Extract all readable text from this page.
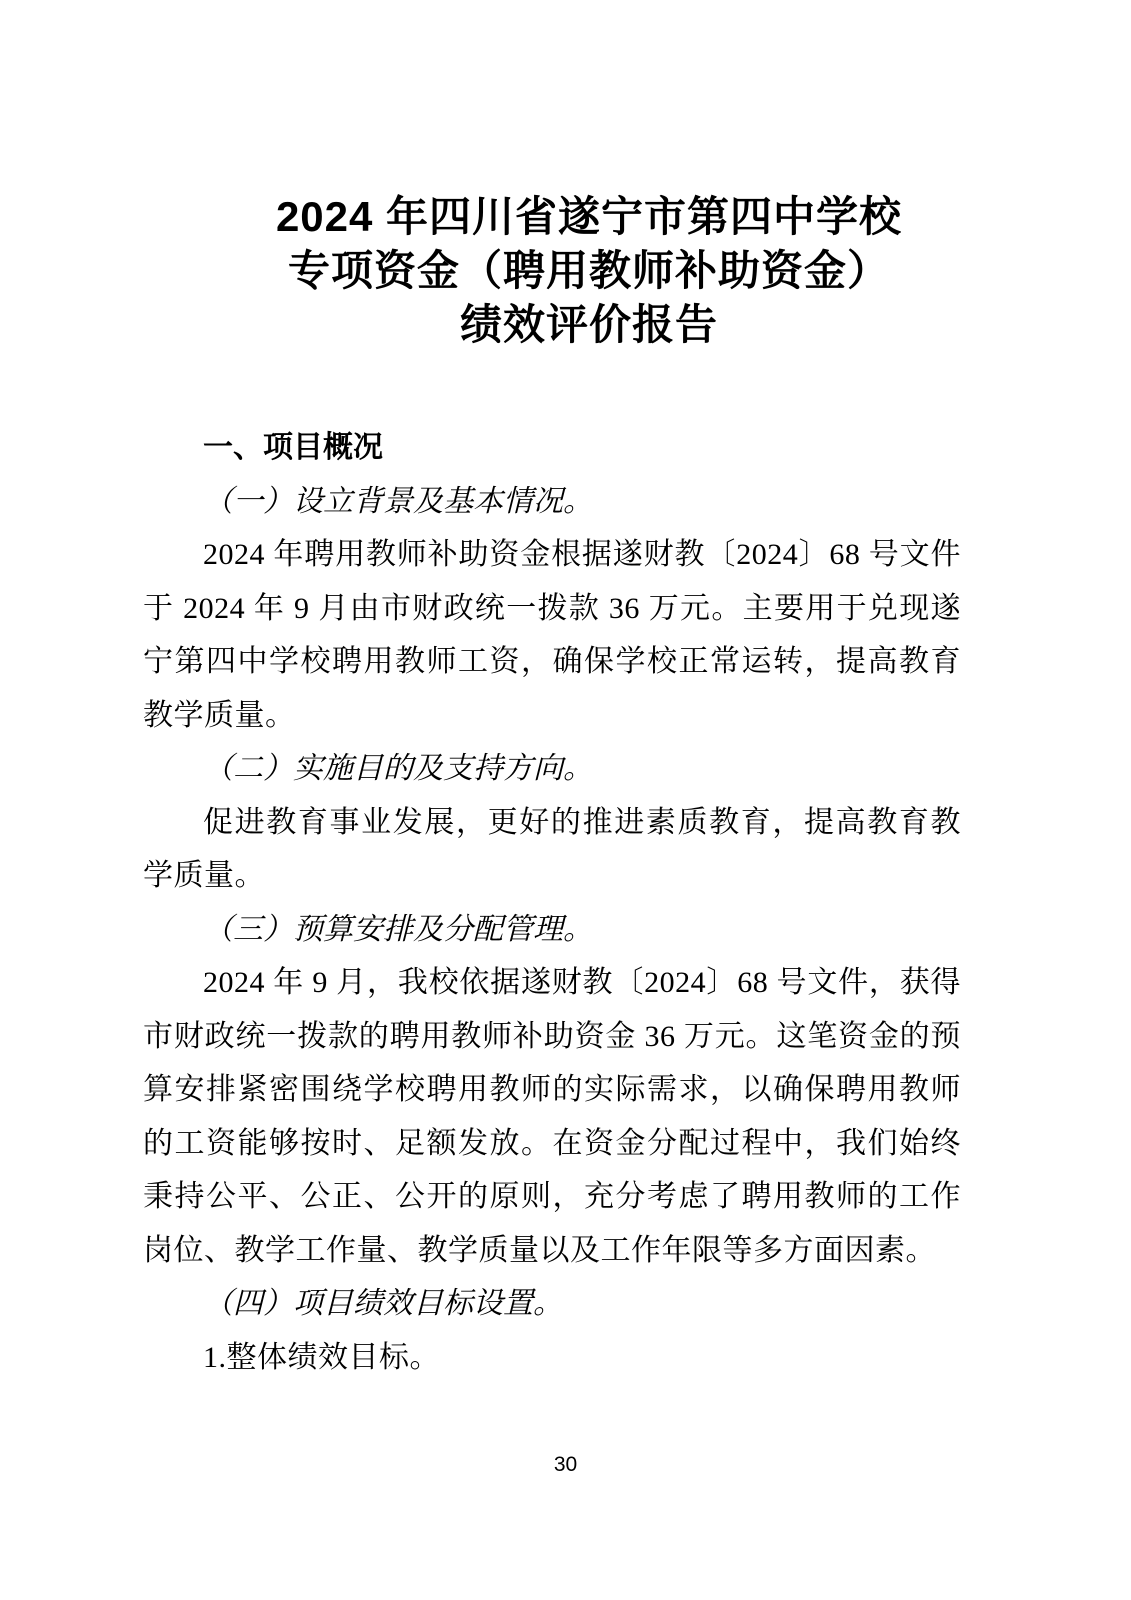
2024 年四川省遂宁市第四中学校
专项资金（聘用教师补助资金）
绩效评价报告
一、项目概况

（一）设立背景及基本情况。

2024 年聘用教师补助资金根据遂财教〔2024〕68 号文件于 2024 年 9 月由市财政统一拨款 36 万元。主要用于兑现遂宁第四中学校聘用教师工资，确保学校正常运转，提高教育教学质量。

（二）实施目的及支持方向。

促进教育事业发展，更好的推进素质教育，提高教育教学质量。

（三）预算安排及分配管理。

2024 年 9 月，我校依据遂财教〔2024〕68 号文件，获得市财政统一拨款的聘用教师补助资金 36 万元。这笔资金的预算安排紧密围绕学校聘用教师的实际需求，以确保聘用教师的工资能够按时、足额发放。在资金分配过程中，我们始终秉持公平、公正、公开的原则，充分考虑了聘用教师的工作岗位、教学工作量、教学质量以及工作年限等多方面因素。

（四）项目绩效目标设置。

1.整体绩效目标。

30
